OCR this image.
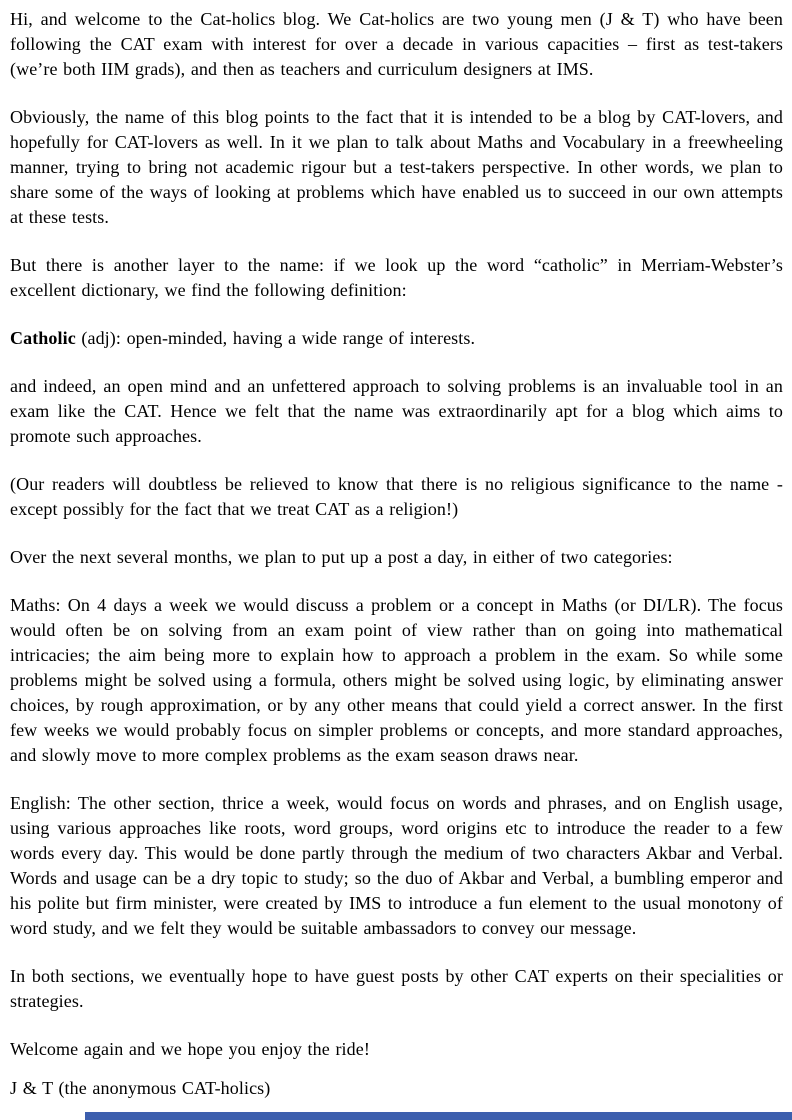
Hi, and welcome to the Cat-holics blog. We Cat-holics are two young men (J & T) who have been following the CAT exam with interest for over a decade in various capacities – first as test-takers (we’re both IIM grads), and then as teachers and curriculum designers at IMS.

Obviously, the name of this blog points to the fact that it is intended to be a blog by CAT-lovers, and hopefully for CAT-lovers as well. In it we plan to talk about Maths and Vocabulary in a freewheeling manner, trying to bring not academic rigour but a test-takers perspective. In other words, we plan to share some of the ways of looking at problems which have enabled us to succeed in our own attempts at these tests.

But there is another layer to the name: if we look up the word “catholic” in Merriam-Webster’s excellent dictionary, we find the following definition:

Catholic (adj): open-minded, having a wide range of interests.

and indeed, an open mind and an unfettered approach to solving problems is an invaluable tool in an exam like the CAT. Hence we felt that the name was extraordinarily apt for a blog which aims to promote such approaches.

(Our readers will doubtless be relieved to know that there is no religious significance to the name - except possibly for the fact that we treat CAT as a religion!)

Over the next several months, we plan to put up a post a day, in either of two categories:

Maths: On 4 days a week we would discuss a problem or a concept in Maths (or DI/LR). The focus would often be on solving from an exam point of view rather than on going into mathematical intricacies; the aim being more to explain how to approach a problem in the exam. So while some problems might be solved using a formula, others might be solved using logic, by eliminating answer choices, by rough approximation, or by any other means that could yield a correct answer. In the first few weeks we would probably focus on simpler problems or concepts, and more standard approaches, and slowly move to more complex problems as the exam season draws near.

English: The other section, thrice a week, would focus on words and phrases, and on English usage, using various approaches like roots, word groups, word origins etc to introduce the reader to a few words every day. This would be done partly through the medium of two characters Akbar and Verbal. Words and usage can be a dry topic to study; so the duo of Akbar and Verbal, a bumbling emperor and his polite but firm minister, were created by IMS to introduce a fun element to the usual monotony of word study, and we felt they would be suitable ambassadors to convey our message.

In both sections, we eventually hope to have guest posts by other CAT experts on their specialities or strategies.

Welcome again and we hope you enjoy the ride!

J & T (the anonymous CAT-holics)
